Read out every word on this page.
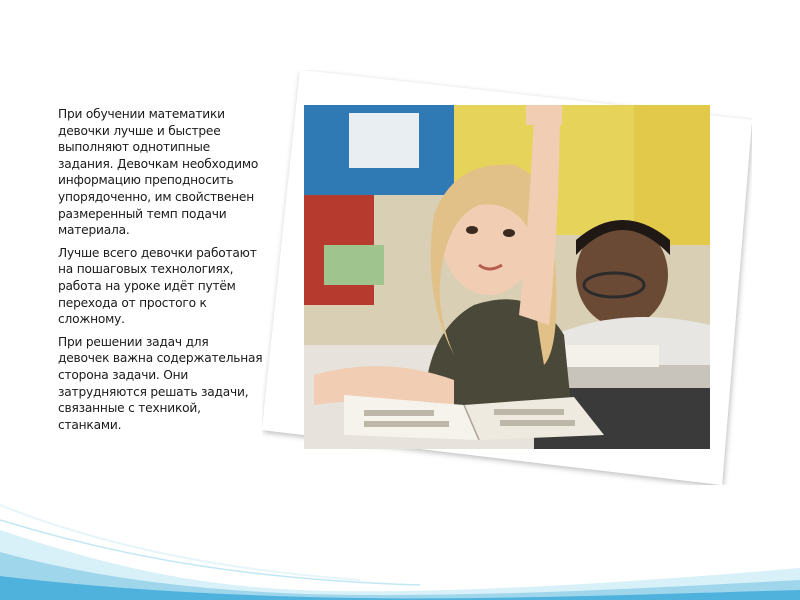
При обучении математики девочки лучше и быстрее выполняют однотипные задания. Девочкам необходимо информацию преподносить упорядоченно, им свойственен размеренный темп подачи материала.

Лучше всего девочки работают на пошаговых технологиях, работа на уроке идёт путём перехода от простого к сложному.

При решении задач для девочек важна содержательная сторона задачи. Они затрудняются решать задачи, связанные с техникой, станками.
